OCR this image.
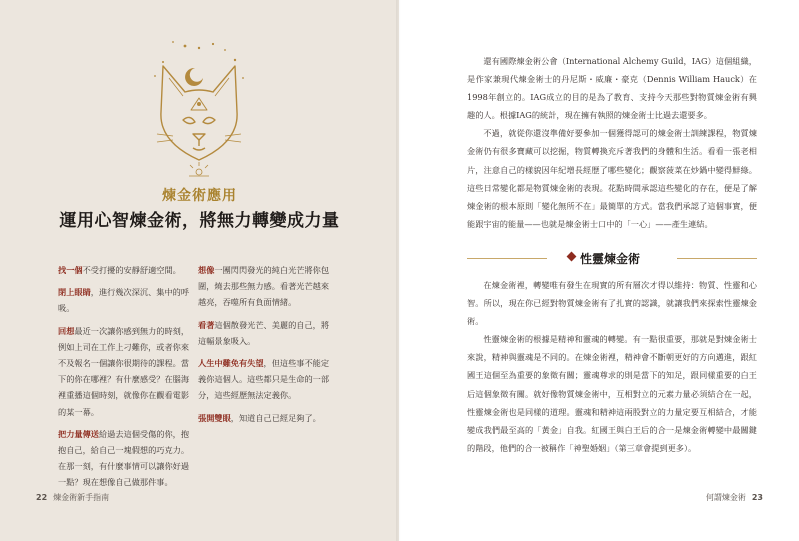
煉金術應用
運用心智煉金術，將無力轉變成力量

找一個不受打擾的安靜舒適空間。

閉上眼睛，進行幾次深沉、集中的呼吸。

回想最近一次讓你感到無力的時刻，例如上司在工作上刁難你，或者你來不及報名一個讓你很期待的課程。當下的你在哪裡？有什麼感受？在腦海裡重播這個時刻，就像你在觀看電影的某一幕。

把力量傳送給過去這個受傷的你，抱抱自己，給自己一塊假想的巧克力。在那一刻，有什麼事情可以讓你好過一點？現在想像自己做那件事。

想像一團閃閃發光的純白光芒將你包圍，燒去那些無力感。看著光芒越來越亮，吞噬所有負面情緒。

看著這個散發光芒、美麗的自己，將這幅景象吸入。

人生中難免有失望，但這些事不能定義你這個人。這些都只是生命的一部分，這些經歷無法定義你。

張開雙眼，知道自己已經足夠了。

22 煉金術新手指南

還有國際煉金術公會（International Alchemy Guild，IAG）這個組織，是作家兼現代煉金術士的丹尼斯・威廉・豪克（Dennis William Hauck）在1998年創立的。IAG成立的目的是為了教育、支持今天那些對物質煉金術有興趣的人。根據IAG的統計，現在擁有執照的煉金術士比過去還要多。

不過，就從你還沒準備好要參加一個獲得認可的煉金術士訓練課程，物質煉金術仍有很多寶藏可以挖掘，物質轉換充斥著我們的身體和生活。看看一張老相片，注意自己的樣貌因年紀增長經歷了哪些變化；觀察菠菜在炒鍋中變得鮮綠。這些日常變化都是物質煉金術的表現。花點時間承認這些變化的存在，便是了解煉金術的根本原則「變化無所不在」最簡單的方式。當我們承認了這個事實，便能跟宇宙的能量——也就是煉金術士口中的「一心」——產生連結。

性靈煉金術

在煉金術裡，轉變唯有發生在現實的所有層次才得以維持：物質、性靈和心智。所以，現在你已經對物質煉金術有了扎實的認識，就讓我們來探索性靈煉金術。

性靈煉金術的根據是精神和靈魂的轉變。有一點很重要，那就是對煉金術士來說，精神與靈魂是不同的。在煉金術裡，精神會不斷朝更好的方向邁進，跟紅國王這個至為重要的象徵有關；靈魂尊求的則是當下的知足，跟同樣重要的白王后這個象徵有關。就好像物質煉金術中，互相對立的元素力量必須結合在一起，性靈煉金術也是同樣的道理。靈魂和精神這兩股對立的力量定要互相結合，才能變成我們最至高的「黃金」自我。紅國王與白王后的合一是煉金術轉變中最關鍵的階段，他們的合一被稱作「神聖婚姻」（第三章會提到更多）。

何謂煉金術 23
